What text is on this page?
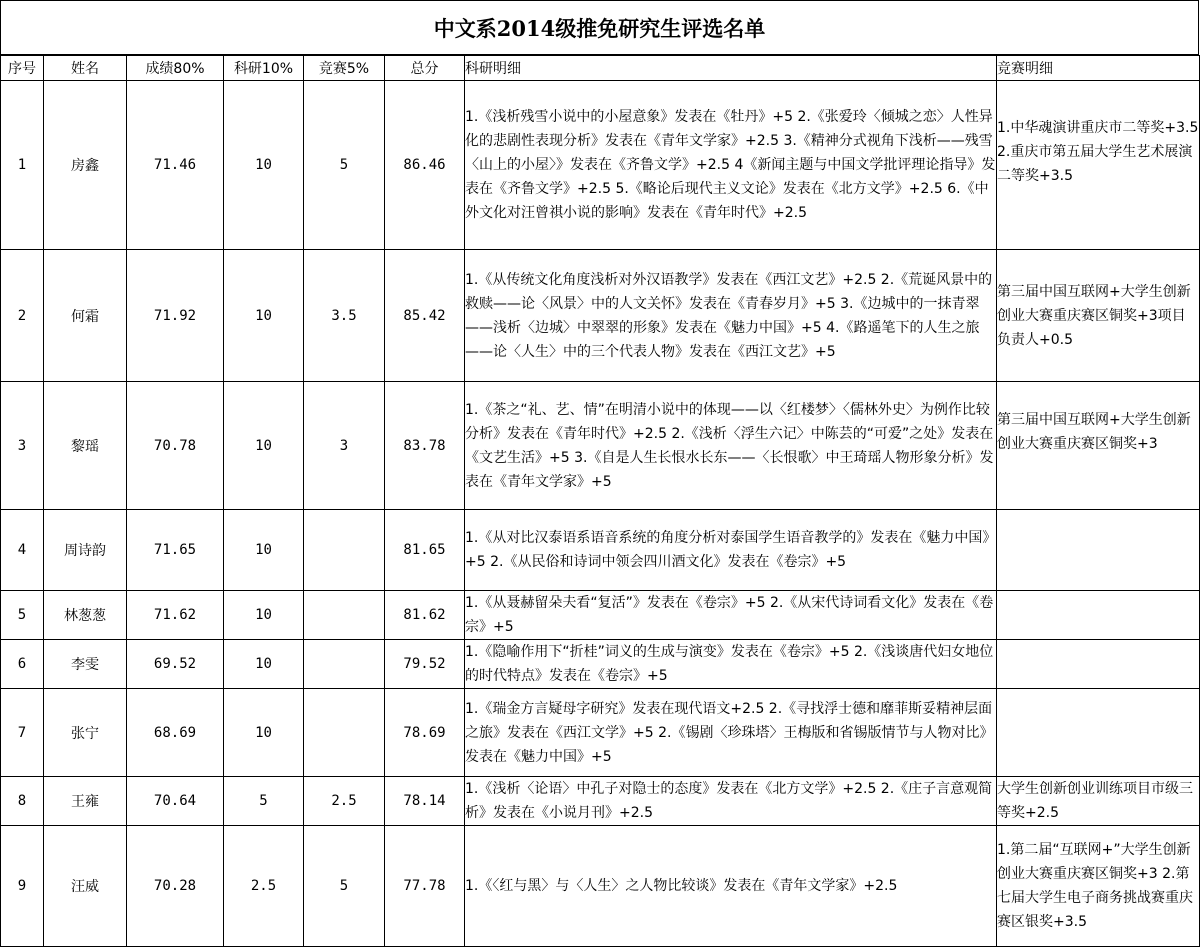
中文系2014级推免研究生评选名单
序号	姓名	成绩80%	科研10%	竞赛5%	总分	科研明细	竞赛明细
1	房鑫	71.46	10	5	86.46	1.《浅析残雪小说中的小屋意象》发表在《牡丹》+5 2.《张爱玲〈倾城之恋〉人性异化的悲剧性表现分析》发表在《青年文学家》+2.5 3.《精神分式视角下浅析——残雪〈山上的小屋〉》发表在《齐鲁文学》+2.5 4《新闻主题与中国文学批评理论指导》发表在《齐鲁文学》+2.5 5.《略论后现代主义文论》发表在《北方文学》+2.5 6.《中外文化对汪曾祺小说的影响》发表在《青年时代》+2.5	1.中华魂演讲重庆市二等奖+3.5 2.重庆市第五届大学生艺术展演二等奖+3.5
2	何霜	71.92	10	3.5	85.42	1.《从传统文化角度浅析对外汉语教学》发表在《西江文艺》+2.5 2.《荒诞风景中的救赎——论〈风景〉中的人文关怀》发表在《青春岁月》+5 3.《边城中的一抹青翠——浅析〈边城〉中翠翠的形象》发表在《魅力中国》+5 4.《路遥笔下的人生之旅——论〈人生〉中的三个代表人物》发表在《西江文艺》+5	第三届中国互联网+大学生创新创业大赛重庆赛区铜奖+3项目负责人+0.5
3	黎瑶	70.78	10	3	83.78	1.《茶之“礼、艺、情”在明清小说中的体现——以〈红楼梦〉〈儒林外史〉为例作比较分析》发表在《青年时代》+2.5 2.《浅析〈浮生六记〉中陈芸的“可爱”之处》发表在《文艺生活》+5 3.《自是人生长恨水长东——〈长恨歌〉中王琦瑶人物形象分析》发表在《青年文学家》+5	第三届中国互联网+大学生创新创业大赛重庆赛区铜奖+3
4	周诗韵	71.65	10		81.65	1.《从对比汉泰语系语音系统的角度分析对泰国学生语音教学的》发表在《魅力中国》+5 2.《从民俗和诗词中领会四川酒文化》发表在《卷宗》+5	
5	林葱葱	71.62	10		81.62	1.《从聂赫留朵夫看“复活”》发表在《卷宗》+5 2.《从宋代诗词看文化》发表在《卷宗》+5	
6	李雯	69.52	10		79.52	1.《隐喻作用下“折桂”词义的生成与演变》发表在《卷宗》+5 2.《浅谈唐代妇女地位的时代特点》发表在《卷宗》+5	
7	张宁	68.69	10		78.69	1.《瑞金方言疑母字研究》发表在现代语文+2.5 2.《寻找浮士德和靡菲斯妥精神层面之旅》发表在《西江文学》+5 2.《锡剧〈珍珠塔〉王梅版和省锡版情节与人物对比》发表在《魅力中国》+5	
8	王雍	70.64	5	2.5	78.14	1.《浅析〈论语〉中孔子对隐士的态度》发表在《北方文学》+2.5 2.《庄子言意观简析》发表在《小说月刊》+2.5	大学生创新创业训练项目市级三等奖+2.5
9	汪威	70.28	2.5	5	77.78	1.《〈红与黑〉与〈人生〉之人物比较谈》发表在《青年文学家》+2.5	1.第二届“互联网+”大学生创新创业大赛重庆赛区铜奖+3 2.第七届大学生电子商务挑战赛重庆赛区银奖+3.5
